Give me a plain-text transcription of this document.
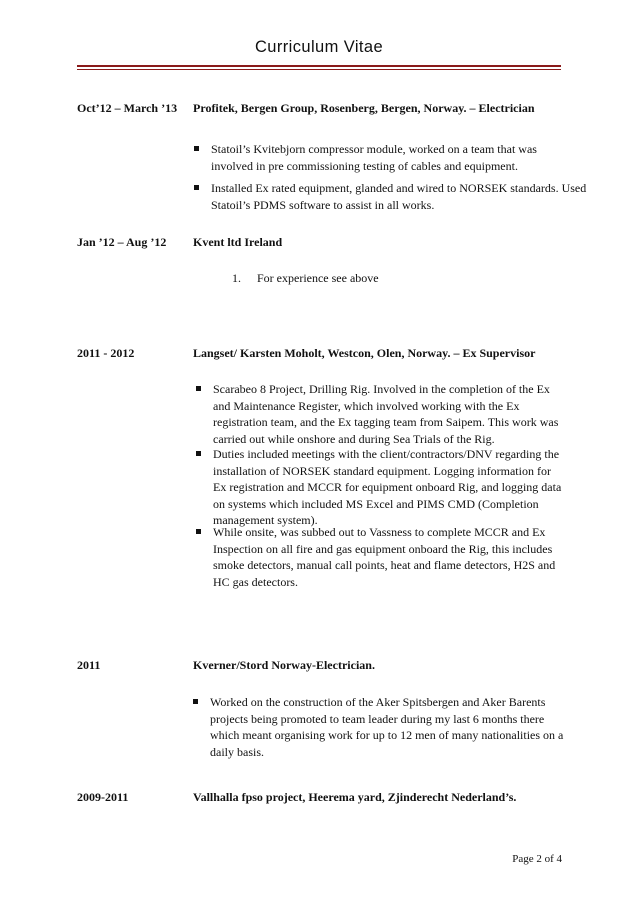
Curriculum Vitae
Oct’12 – March ’13 Profitek, Bergen Group, Rosenberg, Bergen, Norway. – Electrician
Statoil’s Kvitebjorn compressor module, worked on a team that was involved in pre commissioning testing of cables and equipment.
Installed Ex rated equipment, glanded and wired to NORSEK standards. Used Statoil’s PDMS software to assist in all works.
Jan ’12 – Aug ’12 Kvent ltd Ireland
1. For experience see above
2011 - 2012	Langset/ Karsten Moholt, Westcon, Olen, Norway. – Ex Supervisor
Scarabeo 8 Project, Drilling Rig. Involved in the completion of the Ex and Maintenance Register, which involved working with the Ex registration team, and the Ex tagging team from Saipem. This work was carried out while onshore and during Sea Trials of the Rig.
Duties included meetings with the client/contractors/DNV regarding the installation of NORSEK standard equipment. Logging information for Ex registration and MCCR for equipment onboard Rig, and logging data on systems which included MS Excel and PIMS CMD (Completion management system).
While onsite, was subbed out to Vassness to complete MCCR and Ex Inspection on all fire and gas equipment onboard the Rig, this includes smoke detectors, manual call points, heat and flame detectors, H2S and HC gas detectors.
2011	Kverner/Stord Norway-Electrician.
Worked on the construction of the Aker Spitsbergen and Aker Barents projects being promoted to team leader during my last 6 months there which meant organising work for up to 12 men of many nationalities on a daily basis.
2009-2011	Vallhalla fpso project, Heerema yard, Zjinderecht Nederland’s.
Page 2 of 4
